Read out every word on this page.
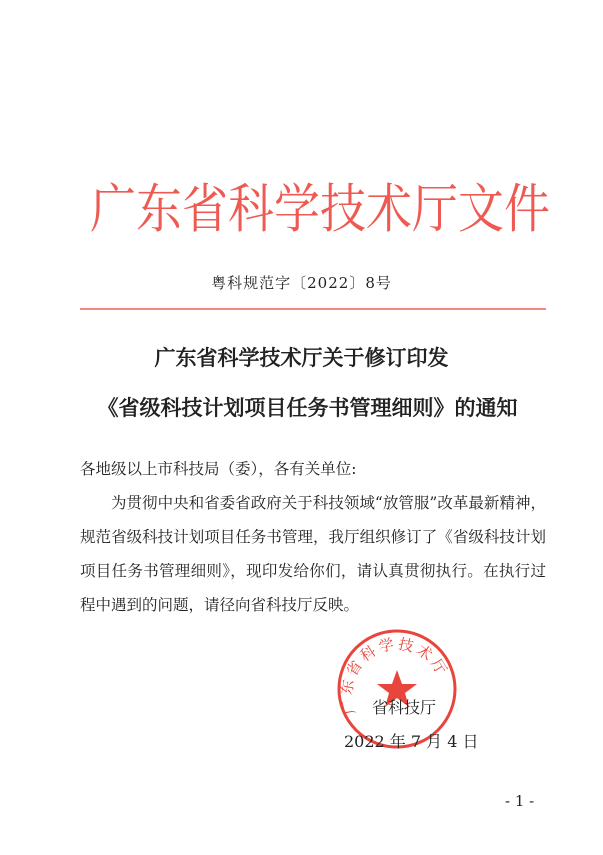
广 东 省 科 学 技 术 厅 文 件
粤科规范字〔2022〕8号
广东省科学技术厅关于修订印发
《省级科技计划项目任务书管理细则》的通知

各地级以上市科技局（委），各有关单位:

为贯彻中央和省委省政府关于科技领域“放管服”改革最新精神，规范省级科技计划项目任务书管理，我厅组织修订了《省级科技计划项目任务书管理细则》，现印发给你们，请认真贯彻执行。在执行过程中遇到的问题，请径向省科技厅反映。

广东省科学技术厅
省科技厅
2022 年 7 月 4 日
- 1 -
